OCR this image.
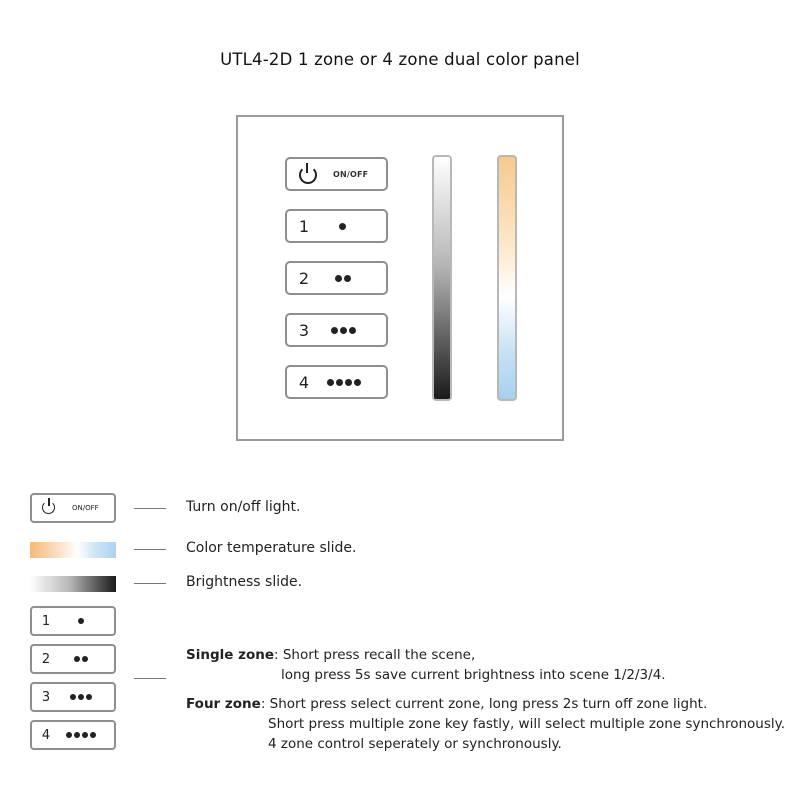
UTL4-2D 1 zone or 4 zone dual color panel
ON/OFF
1
2
3
4
ON/OFF	Turn on/off light.
Color temperature slide.
Brightness slide.
1
2
3
4
Single zone: Short press recall the scene,
long press 5s save current brightness into scene 1/2/3/4.
Four zone: Short press select current zone, long press 2s turn off zone light.
Short press multiple zone key fastly, will select multiple zone synchronously.
4 zone control seperately or synchronously.
